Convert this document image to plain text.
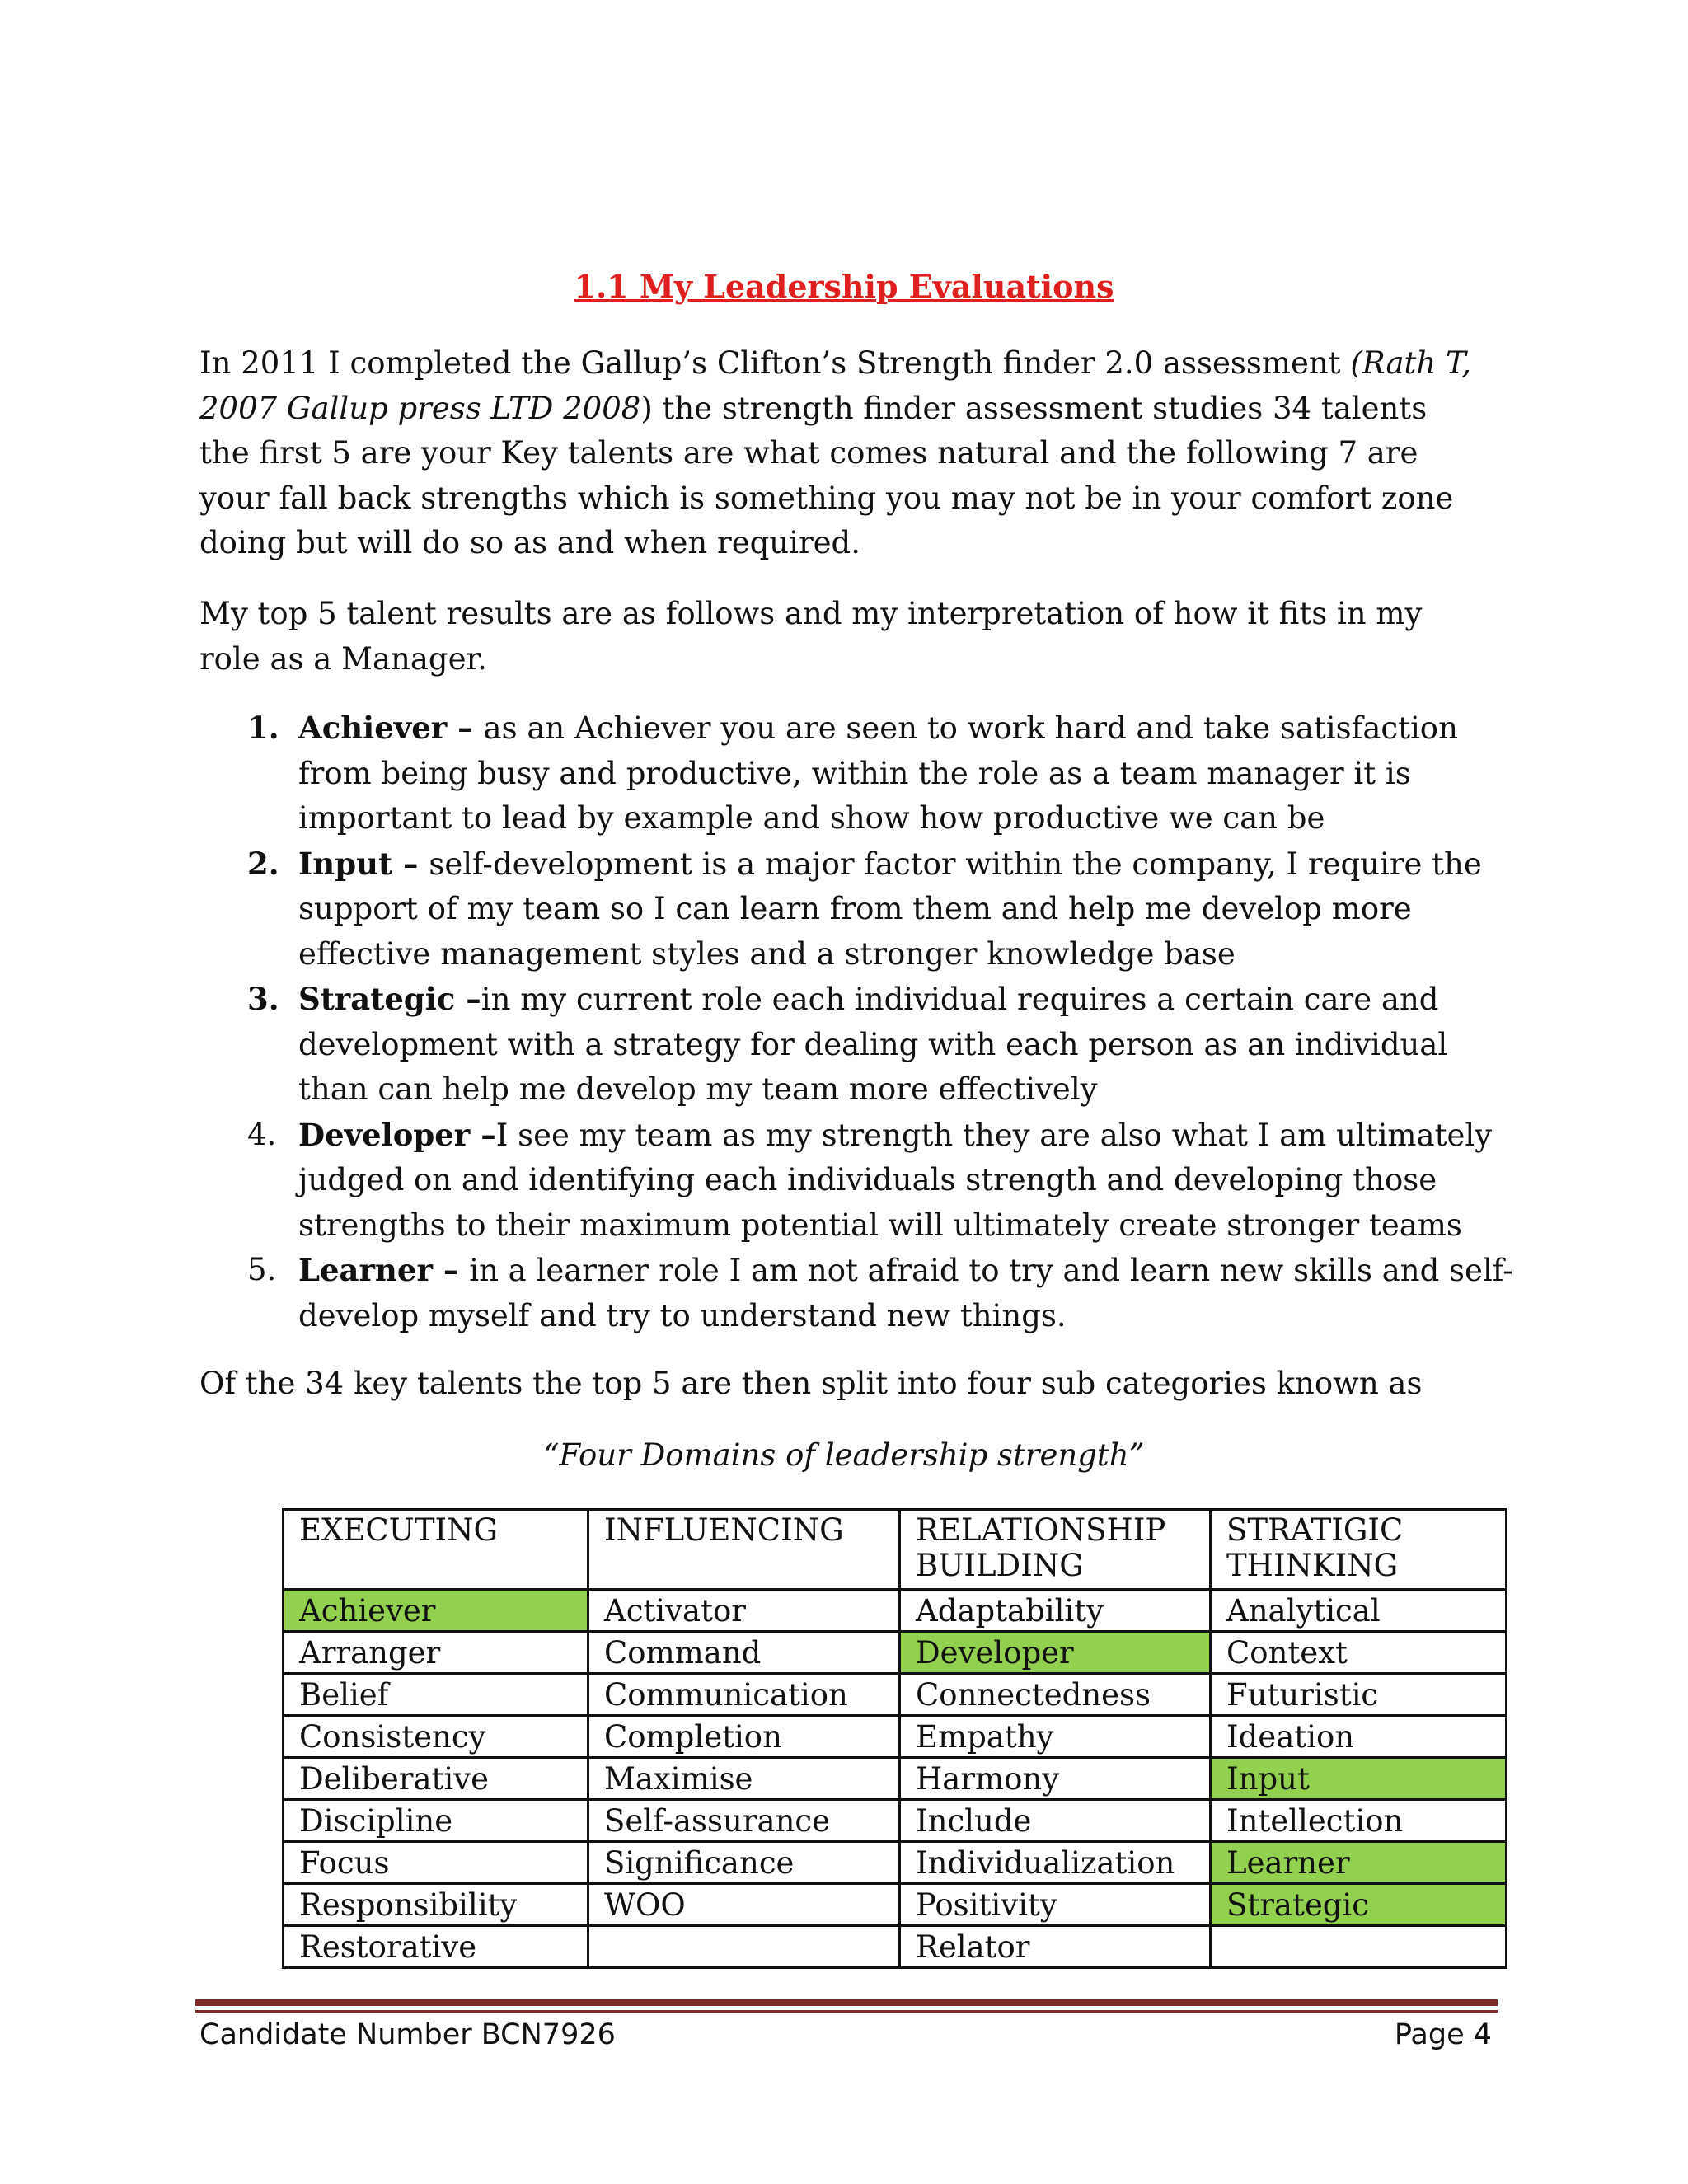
1.1 My Leadership Evaluations

In 2011 I completed the Gallup’s Clifton’s Strength finder 2.0 assessment (Rath T, 2007 Gallup press LTD 2008) the strength finder assessment studies 34 talents the first 5 are your Key talents are what comes natural and the following 7 are your fall back strengths which is something you may not be in your comfort zone doing but will do so as and when required.

My top 5 talent results are as follows and my interpretation of how it fits in my role as a Manager.

1. Achiever – as an Achiever you are seen to work hard and take satisfaction from being busy and productive, within the role as a team manager it is important to lead by example and show how productive we can be
2. Input – self-development is a major factor within the company, I require the support of my team so I can learn from them and help me develop more effective management styles and a stronger knowledge base
3. Strategic –in my current role each individual requires a certain care and development with a strategy for dealing with each person as an individual than can help me develop my team more effectively
4. Developer –I see my team as my strength they are also what I am ultimately judged on and identifying each individuals strength and developing those strengths to their maximum potential will ultimately create stronger teams
5. Learner – in a learner role I am not afraid to try and learn new skills and self-develop myself and try to understand new things.

Of the 34 key talents the top 5 are then split into four sub categories known as

“Four Domains of leadership strength”
EXECUTING	INFLUENCING	RELATIONSHIP BUILDING	STRATIGIC THINKING
Achiever	Activator	Adaptability	Analytical
Arranger	Command	Developer	Context
Belief	Communication	Connectedness	Futuristic
Consistency	Completion	Empathy	Ideation
Deliberative	Maximise	Harmony	Input
Discipline	Self-assurance	Include	Intellection
Focus	Significance	Individualization	Learner
Responsibility	WOO	Positivity	Strategic
Restorative		Relator	
Candidate Number BCN7926	Page 4
